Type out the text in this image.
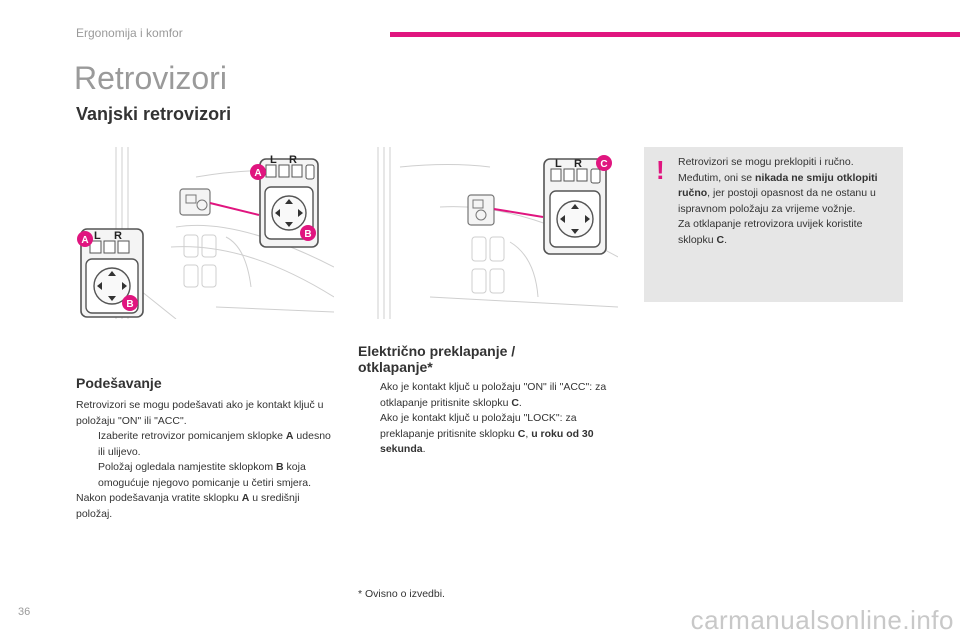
Ergonomija i komfor
Retrovizori
Vanjski retrovizori
L R
L R
A
B
A
B
L R C ! Retrovizori se mogu preklopiti i ručno. Međutim, oni se nikada ne smiju otklopiti ručno, jer postoji opasnost da ne ostanu u ispravnom položaju za vrijeme vožnje.
Za otklapanje retrovizora uvijek koristite sklopku C.
Podešavanje
Retrovizori se mogu podešavati ako je kontakt ključ u položaju "ON" ili "ACC".
Izaberite retrovizor pomicanjem sklopke A udesno ili ulijevo.
Položaj ogledala namjestite sklopkom B koja omogućuje njegovo pomicanje u četiri smjera.
Nakon podešavanja vratite sklopku A u središnji položaj.
Električno preklapanje /
otklapanje*
Ako je kontakt ključ u položaju "ON" ili "ACC": za otklapanje pritisnite sklopku C.
Ako je kontakt ključ u položaju "LOCK": za preklapanje pritisnite sklopku C, u roku od 30 sekunda.
* Ovisno o izvedbi.
36	carmanualsonline.info
